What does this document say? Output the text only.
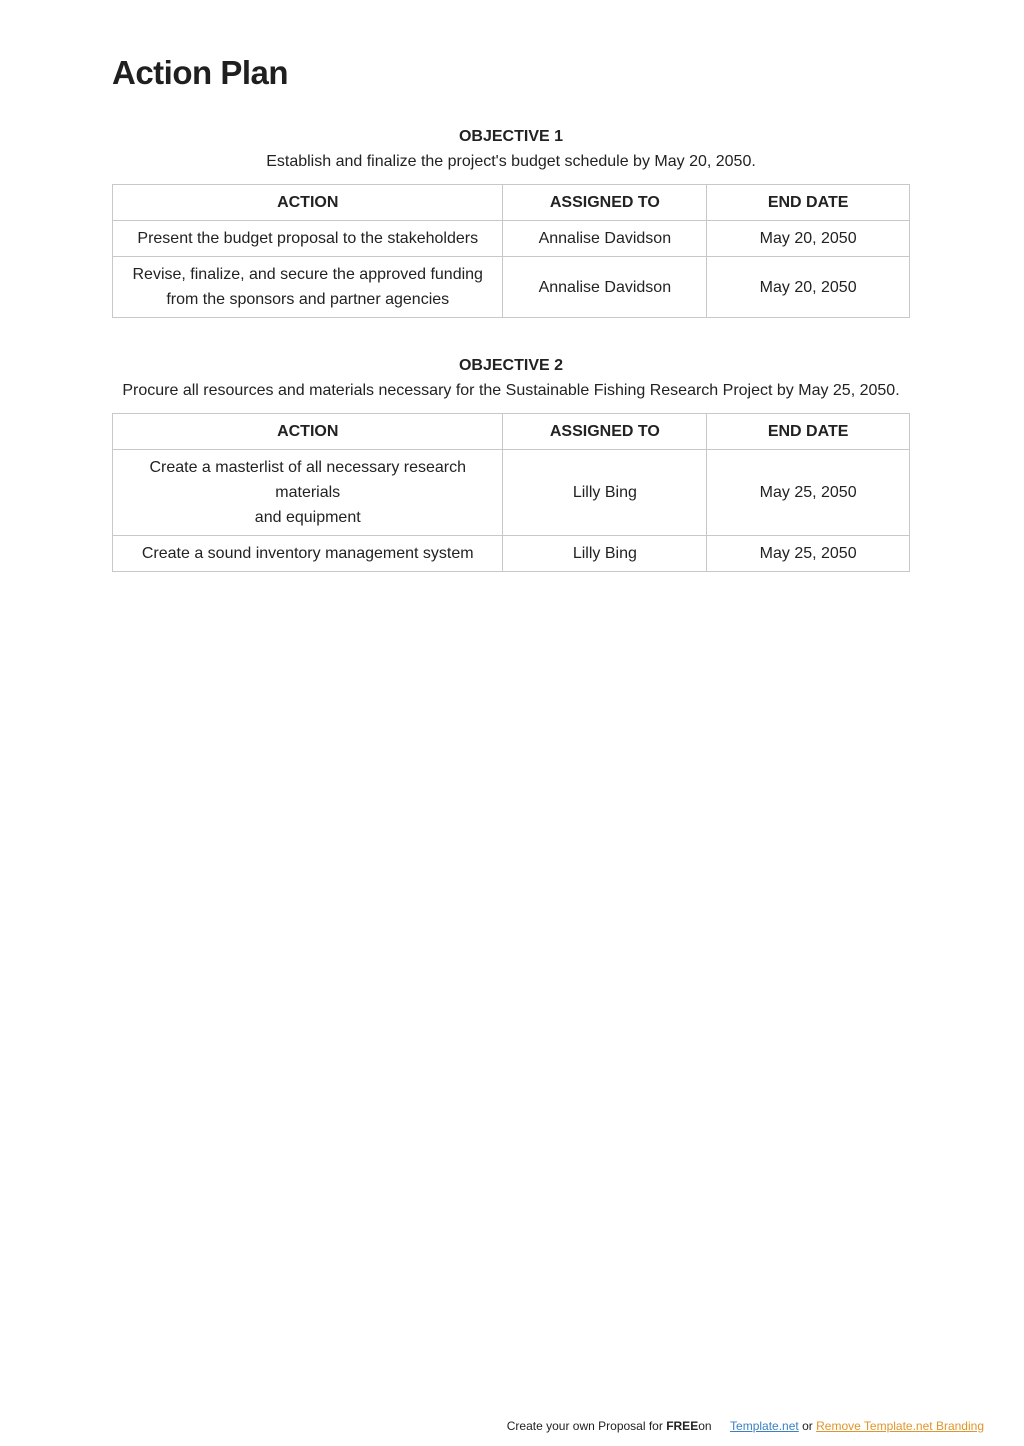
Action Plan

OBJECTIVE 1

Establish and finalize the project's budget schedule by May 20, 2050.

ACTION	ASSIGNED TO	END DATE
Present the budget proposal to the stakeholders	Annalise Davidson	May 20, 2050
Revise, finalize, and secure the approved funding
from the sponsors and partner agencies	Annalise Davidson	May 20, 2050

OBJECTIVE 2

Procure all resources and materials necessary for the Sustainable Fishing Research Project by May 25, 2050.

ACTION	ASSIGNED TO	END DATE
Create a masterlist of all necessary research materials
and equipment	Lilly Bing	May 25, 2050
Create a sound inventory management system	Lilly Bing	May 25, 2050
Create your own Proposal for FREEon Template.net or Remove Template.net Branding
